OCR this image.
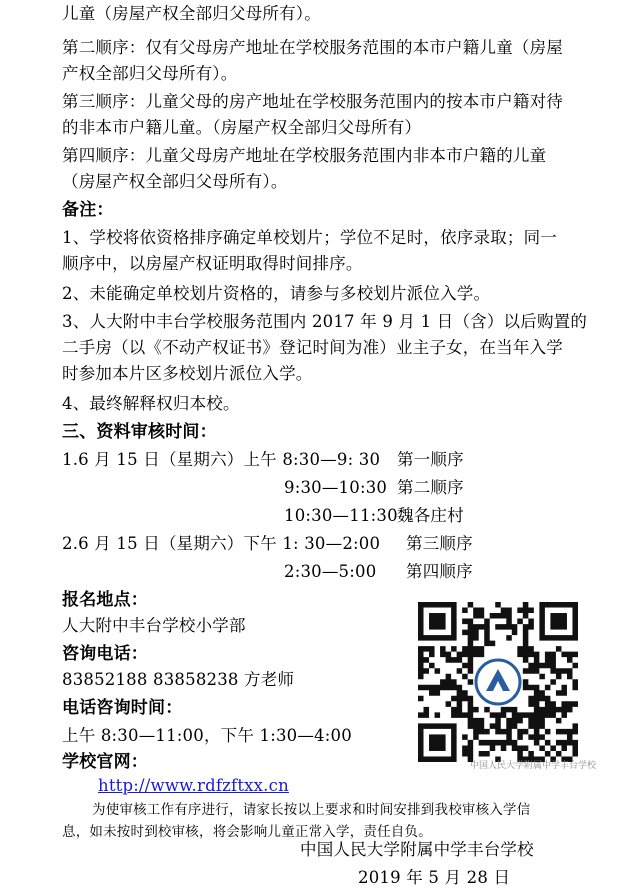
儿童（房屋产权全部归父母所有）。
第二顺序：仅有父母房产地址在学校服务范围的本市户籍儿童（房屋
产权全部归父母所有）。
第三顺序：儿童父母的房产地址在学校服务范围内的按本市户籍对待
的非本市户籍儿童。（房屋产权全部归父母所有）
第四顺序：儿童父母房产地址在学校服务范围内非本市户籍的儿童
（房屋产权全部归父母所有）。
备注：
1、学校将依资格排序确定单校划片；学位不足时，依序录取；同一
顺序中，以房屋产权证明取得时间排序。
2、未能确定单校划片资格的，请参与多校划片派位入学。
3、人大附中丰台学校服务范围内 2017 年 9 月 1 日（含）以后购置的
二手房（以《不动产权证书》登记时间为准）业主子女，在当年入学
时参加本片区多校划片派位入学。
4、最终解释权归本校。
三、资料审核时间：
1.6 月 15 日（星期六）上午 8:30—9: 30 第一顺序
9:30—10:30 第二顺序
10:30—11:30 魏各庄村
2.6 月 15 日（星期六）下午 1: 30—2:00 第三顺序
2:30—5:00 第四顺序
报名地点：
人大附中丰台学校小学部
咨询电话：
83852188 83858238 方老师
电话咨询时间：
上午 8:30—11:00，下午 1:30—4:00
学校官网：
http://www.rdfzftxx.cn
为使审核工作有序进行，请家长按以上要求和时间安排到我校审核入学信
息，如未按时到校审核，将会影响儿童正常入学，责任自负。
中国人民大学附属中学丰台学校
2019 年 5 月 28 日
中国人民大学附属中学丰台学校
